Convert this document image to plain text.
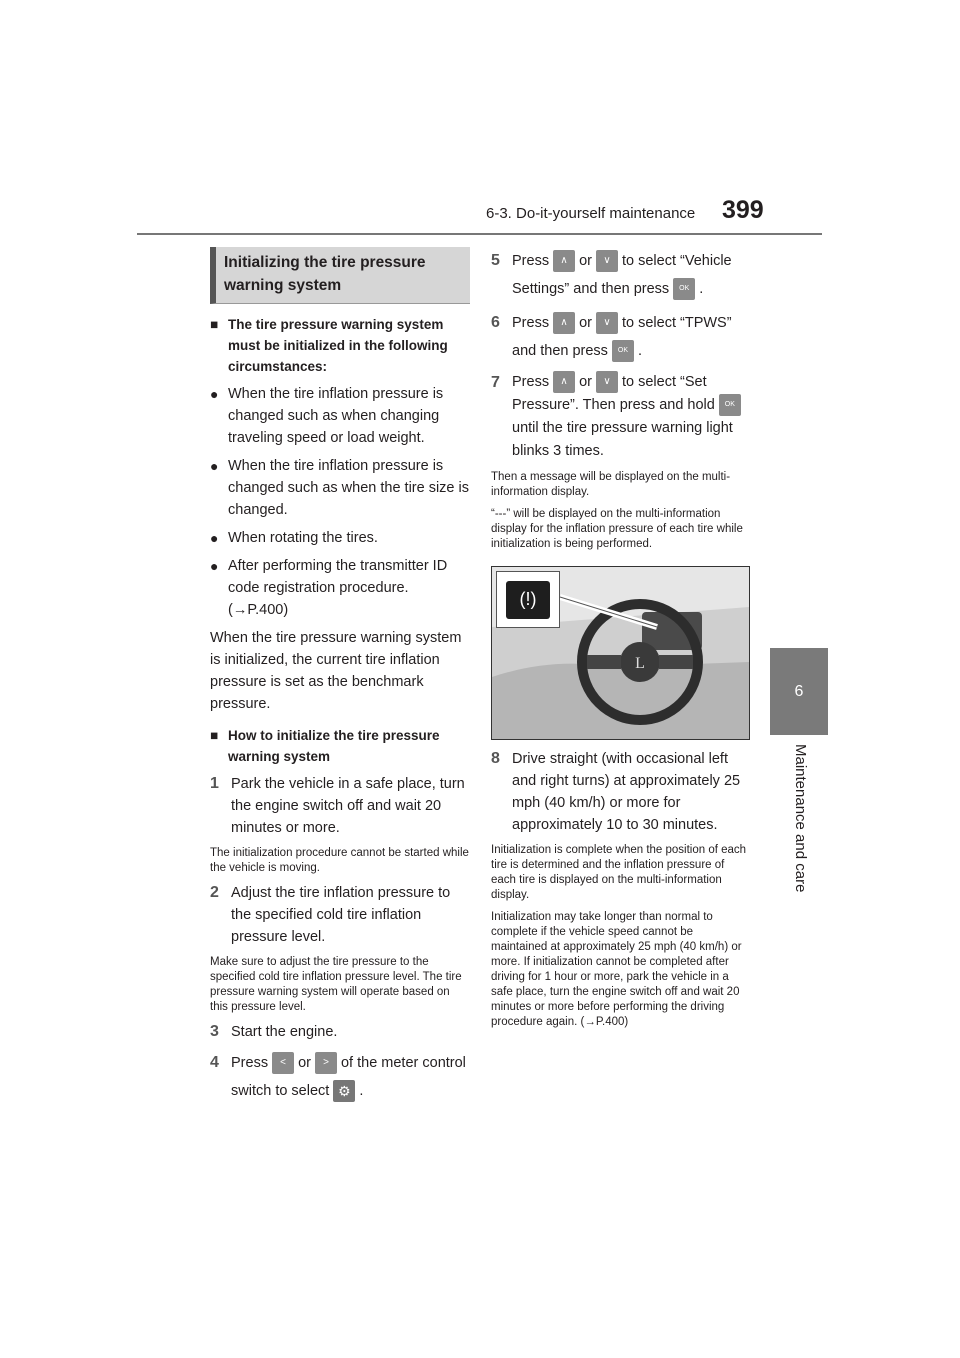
6-3. Do-it-yourself maintenance 399
6
Maintenance and care
Initializing the tire pressure warning system

■ The tire pressure warning system must be initialized in the following circumstances:

● When the tire inflation pressure is changed such as when changing traveling speed or load weight.

● When the tire inflation pressure is changed such as when the tire size is changed.

● When rotating the tires.

● After performing the transmitter ID code registration procedure. (→P.400)

When the tire pressure warning system is initialized, the current tire inflation pressure is set as the benchmark pressure.

■ How to initialize the tire pressure warning system

1 Park the vehicle in a safe place, turn the engine switch off and wait 20 minutes or more.

The initialization procedure cannot be started while the vehicle is moving.

2 Adjust the tire inflation pressure to the specified cold tire inflation pressure level.

Make sure to adjust the tire pressure to the specified cold tire inflation pressure level. The tire pressure warning system will operate based on this pressure level.

3 Start the engine.

4 Press < or > of the meter control switch to select ⚙ .

5 Press ∧ or ∨ to select “Vehicle Settings” and then press OK .

6 Press ∧ or ∨ to select “TPWS” and then press OK .

7 Press ∧ or ∨ to select “Set Pressure”. Then press and hold OKuntil the tire pressure warning light blinks 3 times.

Then a message will be displayed on the multi-information display.

“---” will be displayed on the multi-information display for the inflation pressure of each tire while initialization is being performed.

L
(!)

8 Drive straight (with occasional left and right turns) at approximately 25 mph (40 km/h) or more for approximately 10 to 30 minutes.

Initialization is complete when the position of each tire is determined and the inflation pressure of each tire is displayed on the multi-information display.

Initialization may take longer than normal to complete if the vehicle speed cannot be maintained at approximately 25 mph (40 km/h) or more. If initialization cannot be completed after driving for 1 hour or more, park the vehicle in a safe place, turn the engine switch off and wait 20 minutes or more before performing the driving procedure again. (→P.400)
